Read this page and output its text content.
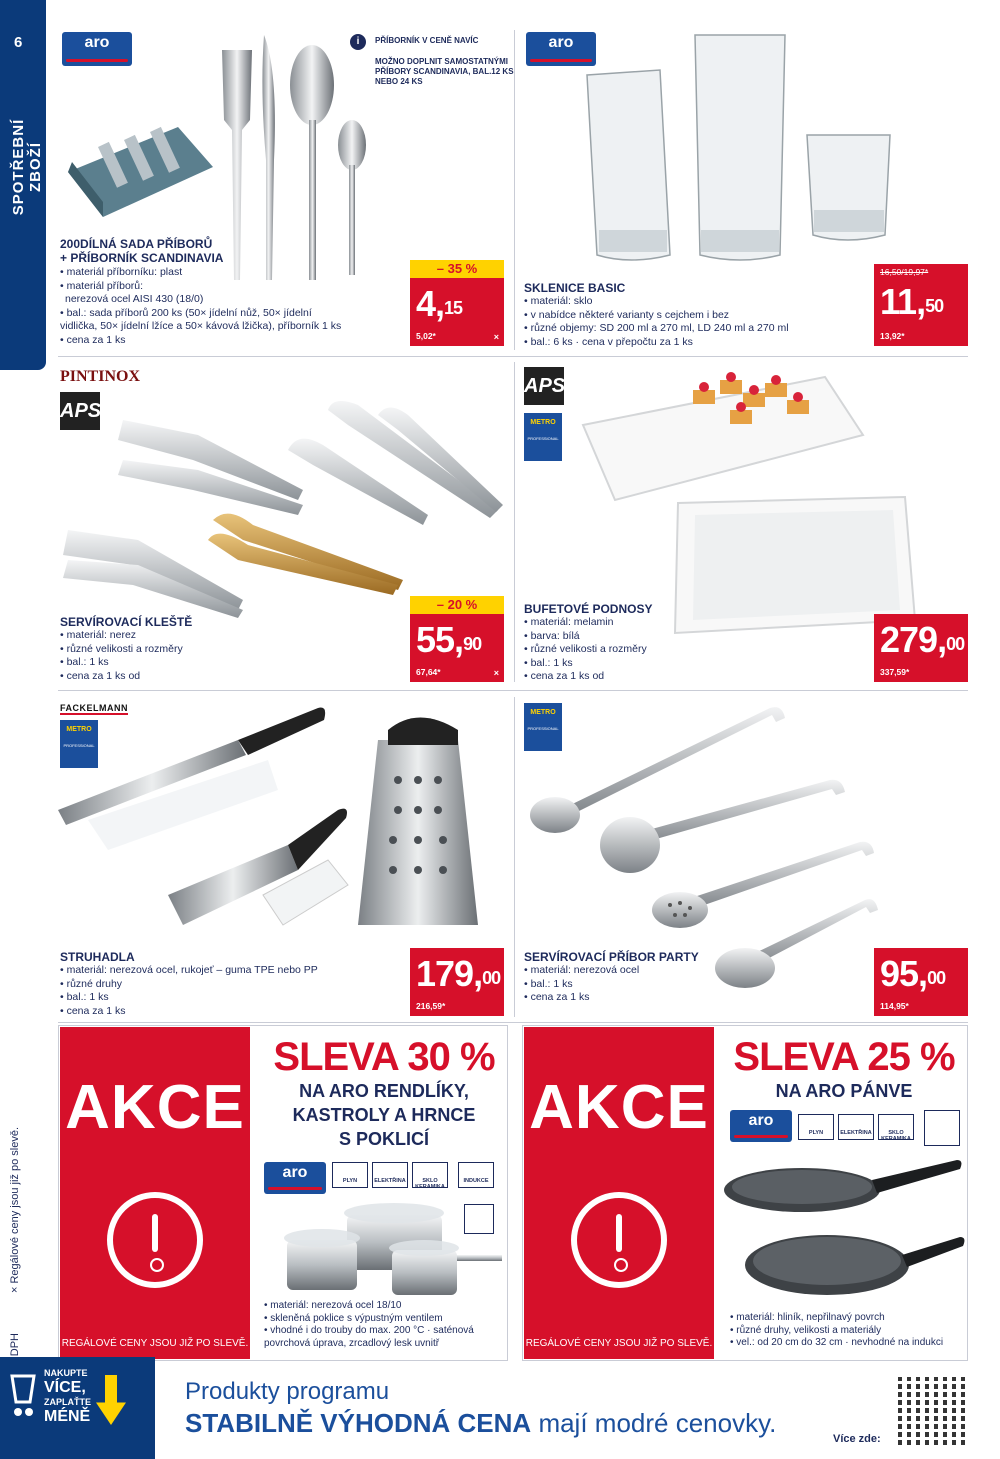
6
SPOTŘEBNÍ ZBOŽÍ
× Regálové ceny jsou již po slevě.
aro	i	PŘÍBORNÍK V CENĚ NAVÍC
MOŽNO DOPLNIT SAMOSTATNÝMI PŘÍBORY SCANDINAVIA, BAL.12 KS NEBO 24 KS
200DÍLNÁ SADA PŘÍBORŮ
+ PŘÍBORNÍK SCANDINAVIA
• materiál příborníku: plast
• materiál příborů:
nerezová ocel AISI 430 (18/0)
• bal.: sada příborů 200 ks (50× jídelní nůž, 50× jídelní
vidlička, 50× jídelní lžíce a 50× kávová lžička), příborník 1 ks
• cena za 1 ks
– 35 %
4,15
5,02*	×
aro
SKLENICE BASIC
• materiál: sklo
• v nabídce některé varianty s cejchem i bez
• různé objemy: SD 200 ml a 270 ml, LD 240 ml a 270 ml
• bal.: 6 ks · cena v přepočtu za 1 ks
16,50/19,97*
11,50
13,92*
PINTINOX
APS
SERVÍROVACÍ KLEŠTĚ
• materiál: nerez
• různé velikosti a rozměry
• bal.: 1 ks
• cena za 1 ks od
– 20 %
55,90
67,64*	×
APS
METRO
PROFESSIONAL
BUFETOVÉ PODNOSY
• materiál: melamin
• barva: bílá
• různé velikosti a rozměry
• bal.: 1 ks
• cena za 1 ks od
279,00
337,59*
FACKELMANN
METRO
PROFESSIONAL
STRUHADLA
• materiál: nerezová ocel, rukojeť – guma TPE nebo PP
• různé druhy
• bal.: 1 ks
• cena za 1 ks
179,00
216,59*
METRO
PROFESSIONAL
SERVÍROVACÍ PŘÍBOR PARTY
• materiál: nerezová ocel
• bal.: 1 ks
• cena za 1 ks
95,00
114,95*
AKCE
REGÁLOVÉ CENY JSOU JIŽ PO SLEVĚ.
SLEVA 30 %
NA ARO RENDLÍKY,
KASTROLY A HRNCE
S POKLICÍ
aro	PLYN	ELEKTŘINA	SKLO KERAMIKA
INDUKCE
• materiál: nerezová ocel 18/10
• skleněná poklice s výpustným ventilem
• vhodné i do trouby do max. 200 °C · saténová
povrchová úprava, zrcadlový lesk uvnitř
AKCE
REGÁLOVÉ CENY JSOU JIŽ PO SLEVĚ.
SLEVA 25 %
NA ARO PÁNVE
aro
PLYN	ELEKTŘINA	SKLO KERAMIKA
• materiál: hliník, nepřilnavý povrch
• různé druhy, velikosti a materiály
• vel.: od 20 cm do 32 cm · nevhodné na indukci
NAKUPTE
VÍCE,
ZAPLAŤTE
MÉNĚ
Produkty programu
STABILNĚ VÝHODNÁ CENA mají modré cenovky.
Více zde:
